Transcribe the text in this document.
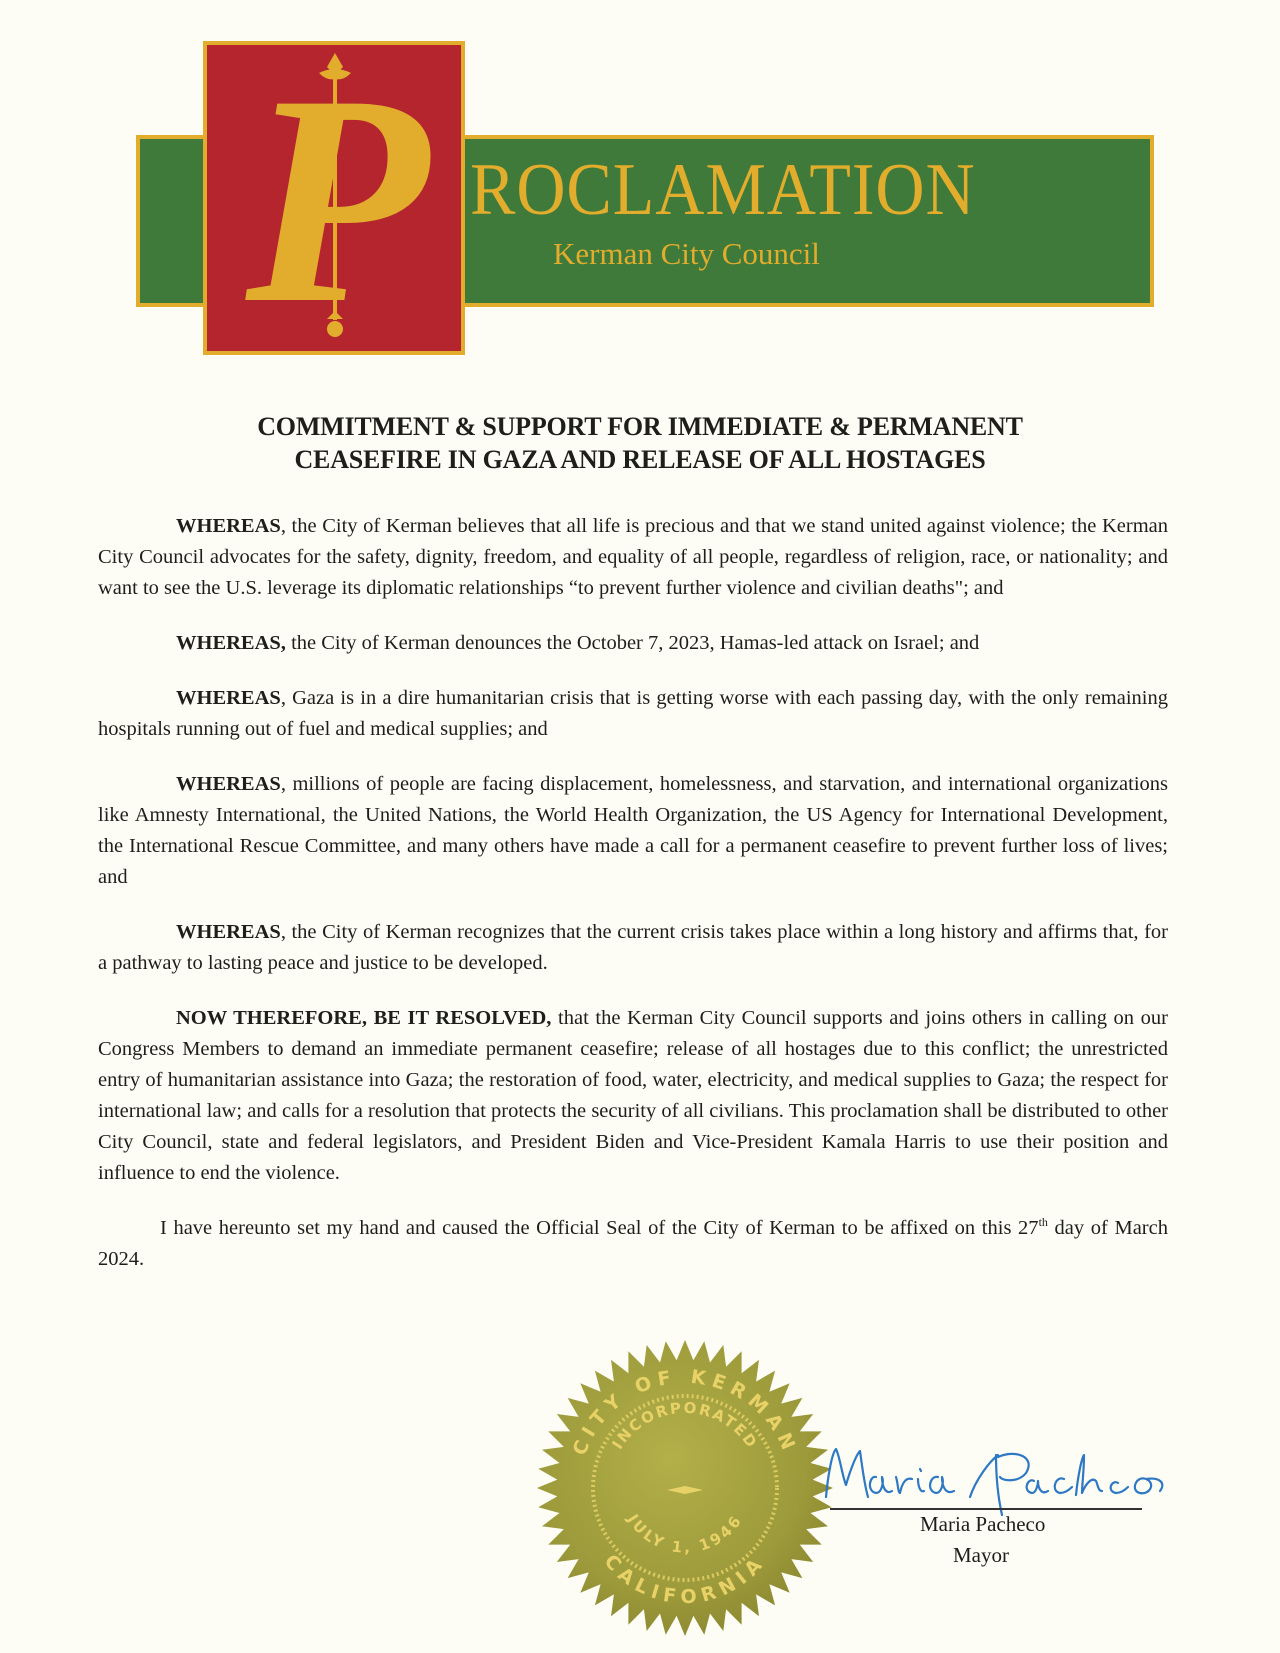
P ROCLAMATION
Kerman City Council
COMMITMENT & SUPPORT FOR IMMEDIATE & PERMANENT
CEASEFIRE IN GAZA AND RELEASE OF ALL HOSTAGES

WHEREAS, the City of Kerman believes that all life is precious and that we stand united against violence; the Kerman City Council advocates for the safety, dignity, freedom, and equality of all people, regardless of religion, race, or nationality; and want to see the U.S. leverage its diplomatic relationships “to prevent further violence and civilian deaths"; and

WHEREAS, the City of Kerman denounces the October 7, 2023, Hamas-led attack on Israel; and

WHEREAS, Gaza is in a dire humanitarian crisis that is getting worse with each passing day, with the only remaining hospitals running out of fuel and medical supplies; and

WHEREAS, millions of people are facing displacement, homelessness, and starvation, and international organizations like Amnesty International, the United Nations, the World Health Organization, the US Agency for International Development, the International Rescue Committee, and many others have made a call for a permanent ceasefire to prevent further loss of lives; and

WHEREAS, the City of Kerman recognizes that the current crisis takes place within a long history and affirms that, for a pathway to lasting peace and justice to be developed.

NOW THEREFORE, BE IT RESOLVED, that the Kerman City Council supports and joins others in calling on our Congress Members to demand an immediate permanent ceasefire; release of all hostages due to this conflict; the unrestricted entry of humanitarian assistance into Gaza; the restoration of food, water, electricity, and medical supplies to Gaza; the respect for international law; and calls for a resolution that protects the security of all civilians. This proclamation shall be distributed to other City Council, state and federal legislators, and President Biden and Vice-President Kamala Harris to use their position and influence to end the violence.

I have hereunto set my hand and caused the Official Seal of the City of Kerman to be affixed on this 27th day of March 2024.

CITY OF KERMAN
CALIFORNIA
INCORPORATED
JULY 1, 1946	Maria Pacheco
Mayor
